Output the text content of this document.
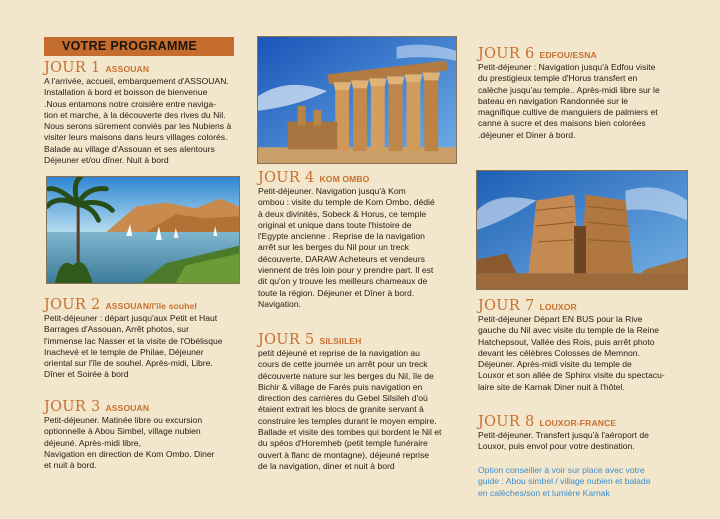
VOTRE PROGRAMME
JOUR 1 ASSOUAN
A l'arrivée, accueil, embarquement d'ASSOUAN.
Installation à bord et boisson de bienvenue
.Nous entamons notre croisière entre naviga-
tion et marche, à la découverte des rives du Nil.
Nous serons sûrement conviés par les Nubiens à
visiter leurs maisons dans leurs villages colorés.
Balade au village d'Assouan et ses alentours
Déjeuner et/ou dîner. Nuit à bord
JOUR 2 ASSOUAN/l'île souhel
Petit-déjeuner : départ jusqu'aux Petit et Haut
Barrages d'Assouan, Arrêt photos, sur
l'immense lac Nasser et la visite de l'Obélisque
Inachevé et le temple de Philae, Déjeuner
oriental sur l'île de souhel. Après-midi, Libre.
Dîner et Soirée à bord
JOUR 3 ASSOUAN
Petit-déjeuner. Matinée libre ou excursion
optionnelle à Abou Simbel, village nubien
déjeuné. Après-midi libre,
Navigation en direction de Kom Ombo. Diner
et nuit à bord.
JOUR 4 KOM OMBO
Petit-déjeuner. Navigation jusqu'à Kom
ombou : visite du temple de Kom Ombo, dédié
à deux divinités, Sobeck & Horus, ce temple
original et unique dans toute l'histoire de
l'Egypte ancienne . Reprise de la navigation
arrêt sur les berges du Nil pour un treck
découverte, DARAW Acheteurs et vendeurs
viennent de très loin pour y prendre part. Il est
dit qu'on y trouve les meilleurs chameaux de
toute la région. Déjeuner et Dîner à bord.
Navigation.
JOUR 5 SILSIILEH
petit déjeuné et reprise de la navigation au
cours de cette journée un arrêt pour un treck
découverte nature sur les berges du Nil, île de
Bichir & village de Farés puis navigation en
direction des carrières du Gebel Silsileh d'où
étaient extrait les blocs de granite servant à
construire les temples durant le moyen empire.
Ballade et visite des tombes qui bordent le Nil et
du spéos d'Horemheb (petit temple funéraire
ouvert à flanc de montagne), déjeuné reprise
de la navigation, diner et nuit à bord
JOUR 6 EDFOU/ESNA
Petit-déjeuner : Navigation jusqu'à Edfou visite
du prestigieux temple d'Horus transfert en
calèche jusqu'au temple.. Après-midi libre sur le
bateau en navigation Randonnée sur le
magnifique cultive de manguiers de palmiers et
canne à sucre et des maisons bien colorées
.déjeuner et Diner à bord.
JOUR 7 LOUXOR
Petit-déjeuner Départ EN BUS pour la Rive
gauche du Nil avec visite du temple de la Reine
Hatchepsout, Vallée des Rois, puis arrêt photo
devant les célèbres Colosses de Memnon.
Déjeuner. Après-midi visite du temple de
Louxor et son allée de Sphinx visite du spectacu-
laire site de Karnak Diner nuit à l'hôtel.
JOUR 8 LOUXOR-FRANCE
Petit-déjeuner. Transfert jusqu'à l'aéroport de
Louxor, puis envol pour votre destination.
Option conseiller à voir sur place avec votre
guide : Abou simbel / village nubien et balade
en calèches/son et lumière Karnak
